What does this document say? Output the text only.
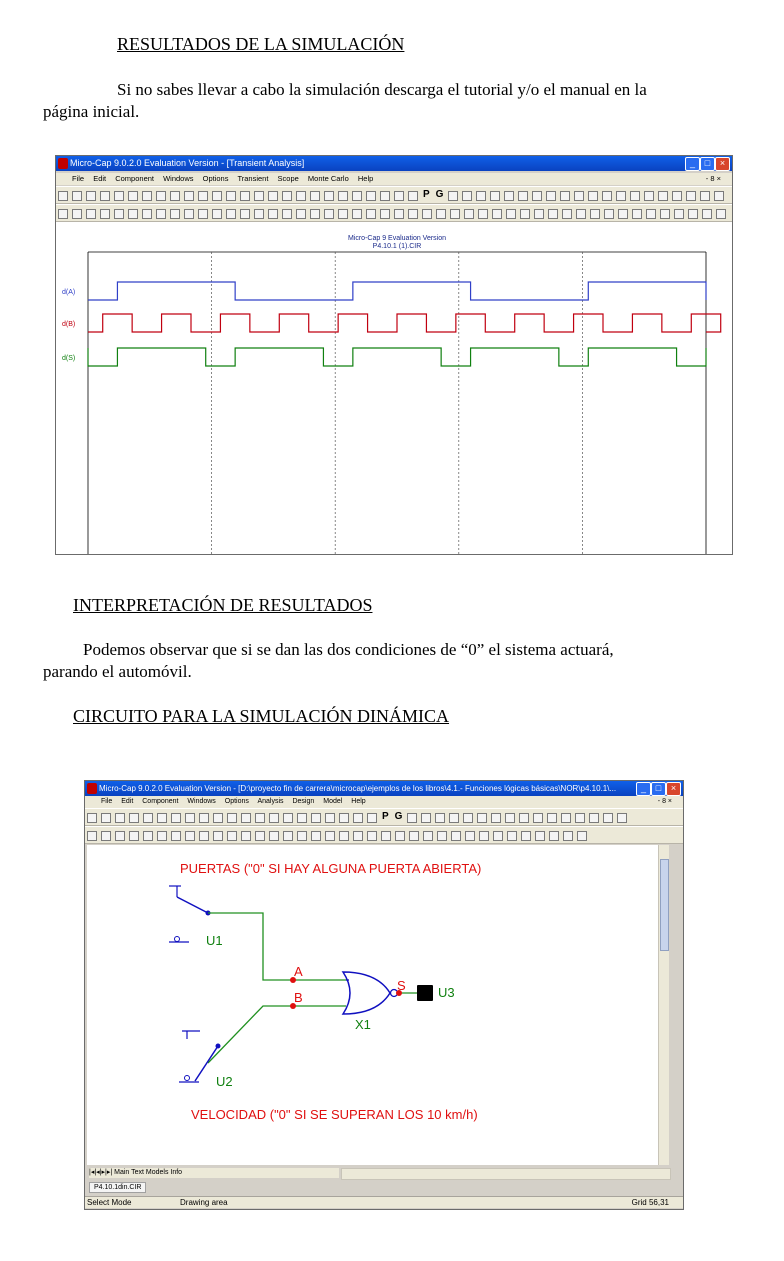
RESULTADOS DE LA SIMULACIÓN
Si no sabes llevar a cabo la simulación descarga el tutorial y/o el manual en la
página inicial.
Micro-Cap 9.0.2.0 Evaluation Version - [Transient Analysis]	_	□	×
File Edit Component Windows Options Transient Scope Monte Carlo Help	- 8 ×
P G
Micro-Cap 9 Evaluation Version
P4.10.1 (1).CIR
d(A)
d(B)
d(S)
INTERPRETACIÓN DE RESULTADOS
Podemos observar que si se dan las dos condiciones de “0” el sistema actuará,
parando el automóvil.
CIRCUITO PARA LA SIMULACIÓN DINÁMICA
Micro-Cap 9.0.2.0 Evaluation Version - [D:\proyecto fin de carrera\microcap\ejemplos de los libros\4.1.- Funciones lógicas básicas\NOR\p4.10.1\...	_	□	×
File Edit Component Windows Options Analysis Design Model Help	- 8 ×
P G
PUERTAS ("0" SI HAY ALGUNA PUERTA ABIERTA)
U1
A
B
X1
S U3
U2
VELOCIDAD ("0" SI SE SUPERAN LOS 10 km/h)
|◂|◂|▸|▸| Main Text Models Info
P4.10.1din.CIR
Select Mode	Drawing area	Grid 56,31
